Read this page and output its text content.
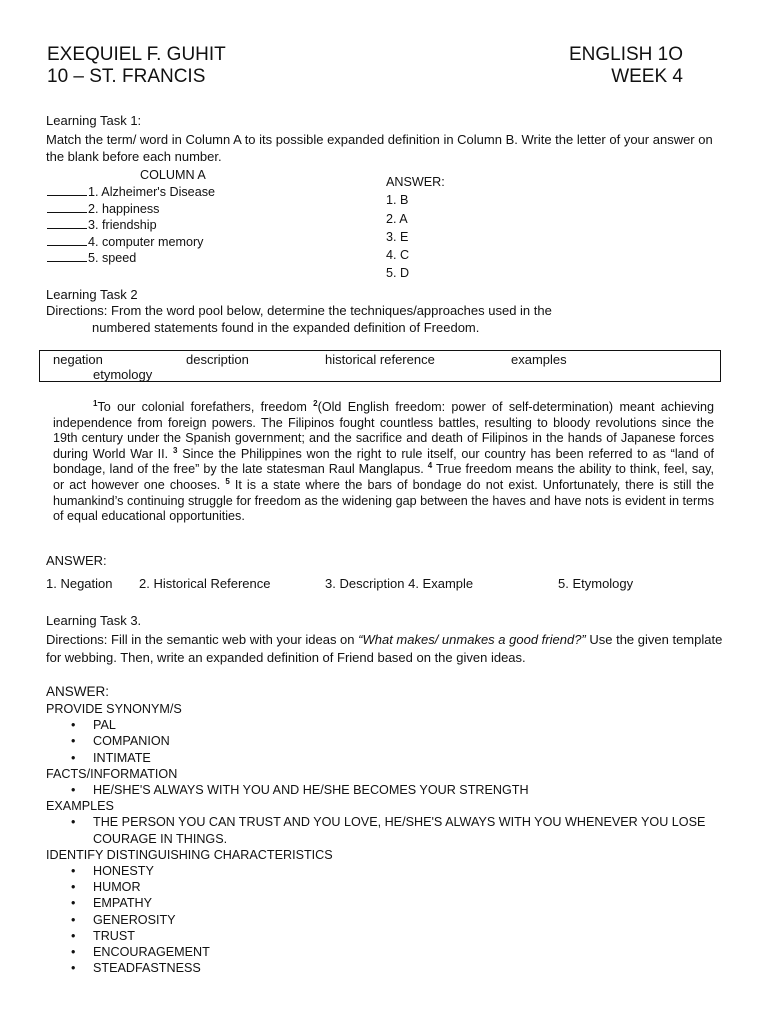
EXEQUIEL F. GUHIT	ENGLISH 1O
10 – ST. FRANCIS	WEEK 4
Learning Task 1:
Match the term/ word in Column A to its possible expanded definition in Column B. Write the letter of your answer on the blank before each number.
COLUMN A
1. Alzheimer's Disease
2. happiness
3. friendship
4. computer memory
5. speed
ANSWER:
1. B
2. A
3. E
4. C
5. D
Learning Task 2
Directions: From the word pool below, determine the techniques/approaches used in the
numbered statements found in the expanded definition of Freedom.
negation	description	historical reference	examples
etymology
$^1$To our colonial forefathers, freedom $^2$(Old English freedom: power of self-determination) meant achieving independence from foreign powers. The Filipinos fought countless battles, resulting to bloody revolutions since the 19th century under the Spanish government; and the sacrifice and death of Filipinos in the hands of Japanese forces during World War II. $^3$ Since the Philippines won the right to rule itself, our country has been referred to as “land of bondage, land of the free” by the late statesman Raul Manglapus. $^4$ True freedom means the ability to think, feel, say, or act however one chooses. $^5$ It is a state where the bars of bondage do not exist. Unfortunately, there is still the humankind’s continuing struggle for freedom as the widening gap between the haves and have nots is evident in terms of equal educational opportunities.
ANSWER:
1. Negation 2. Historical Reference	3. Description 4. Example	5. Etymology
Learning Task 3.
Directions: Fill in the semantic web with your ideas on “What makes/ unmakes a good friend?” Use the given template for webbing. Then, write an expanded definition of Friend based on the given ideas.
ANSWER:
PROVIDE SYNONYM/S
• PAL
• COMPANION
• INTIMATE
FACTS/INFORMATION
• HE/SHE'S ALWAYS WITH YOU AND HE/SHE BECOMES YOUR STRENGTH
EXAMPLES
• THE PERSON YOU CAN TRUST AND YOU LOVE, HE/SHE'S ALWAYS WITH YOU WHENEVER YOU LOSE COURAGE IN THINGS.
IDENTIFY DISTINGUISHING CHARACTERISTICS
• HONESTY
• HUMOR
• EMPATHY
• GENEROSITY
• TRUST
• ENCOURAGEMENT
• STEADFASTNESS
